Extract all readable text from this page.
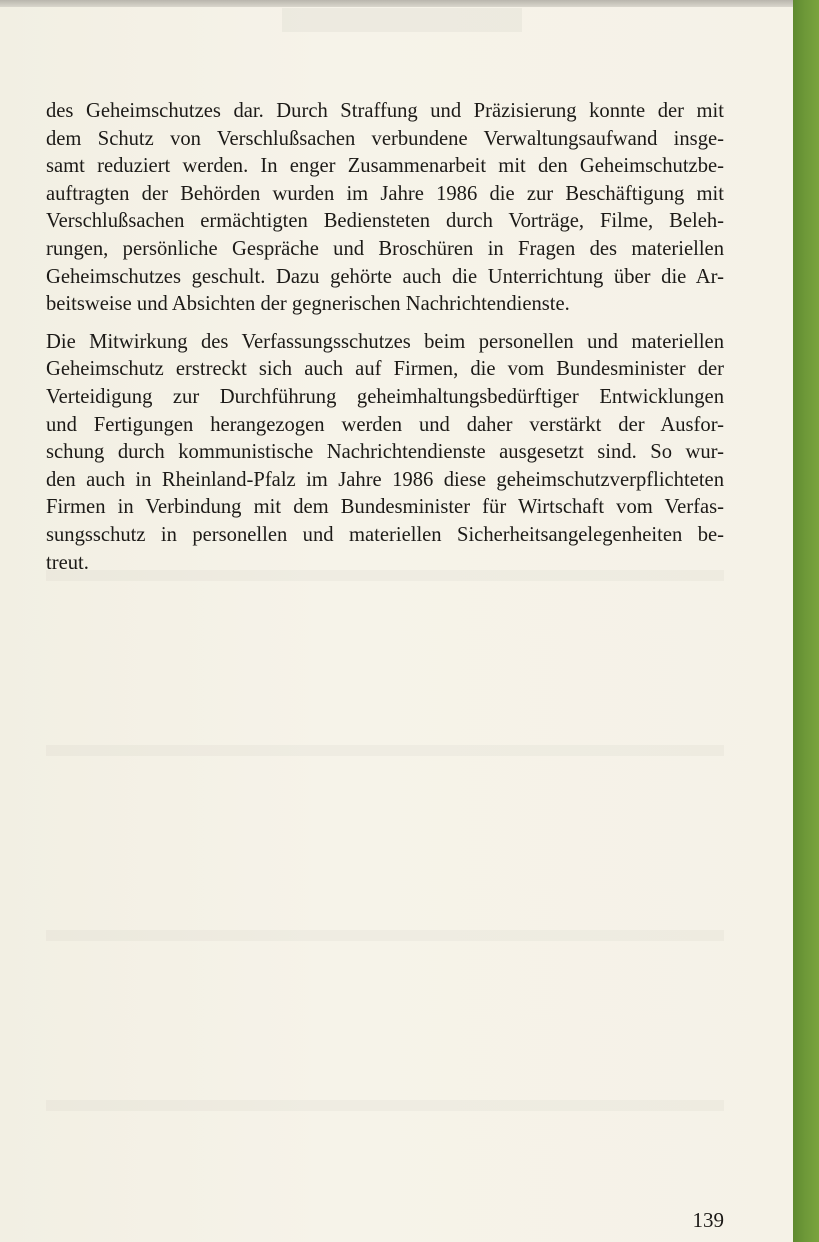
des Geheimschutzes dar. Durch Straffung und Präzisierung konnte der mit
dem Schutz von Verschlußsachen verbundene Verwaltungsaufwand insge-
samt reduziert werden. In enger Zusammenarbeit mit den Geheimschutzbe-
auftragten der Behörden wurden im Jahre 1986 die zur Beschäftigung mit
Verschlußsachen ermächtigten Bediensteten durch Vorträge, Filme, Beleh-
rungen, persönliche Gespräche und Broschüren in Fragen des materiellen
Geheimschutzes geschult. Dazu gehörte auch die Unterrichtung über die Ar-
beitsweise und Absichten der gegnerischen Nachrichtendienste.

Die Mitwirkung des Verfassungsschutzes beim personellen und materiellen
Geheimschutz erstreckt sich auch auf Firmen, die vom Bundesminister der
Verteidigung zur Durchführung geheimhaltungsbedürftiger Entwicklungen
und Fertigungen herangezogen werden und daher verstärkt der Ausfor-
schung durch kommunistische Nachrichtendienste ausgesetzt sind. So wur-
den auch in Rheinland-Pfalz im Jahre 1986 diese geheimschutzverpflichteten
Firmen in Verbindung mit dem Bundesminister für Wirtschaft vom Verfas-
sungsschutz in personellen und materiellen Sicherheitsangelegenheiten be-
treut.

139
